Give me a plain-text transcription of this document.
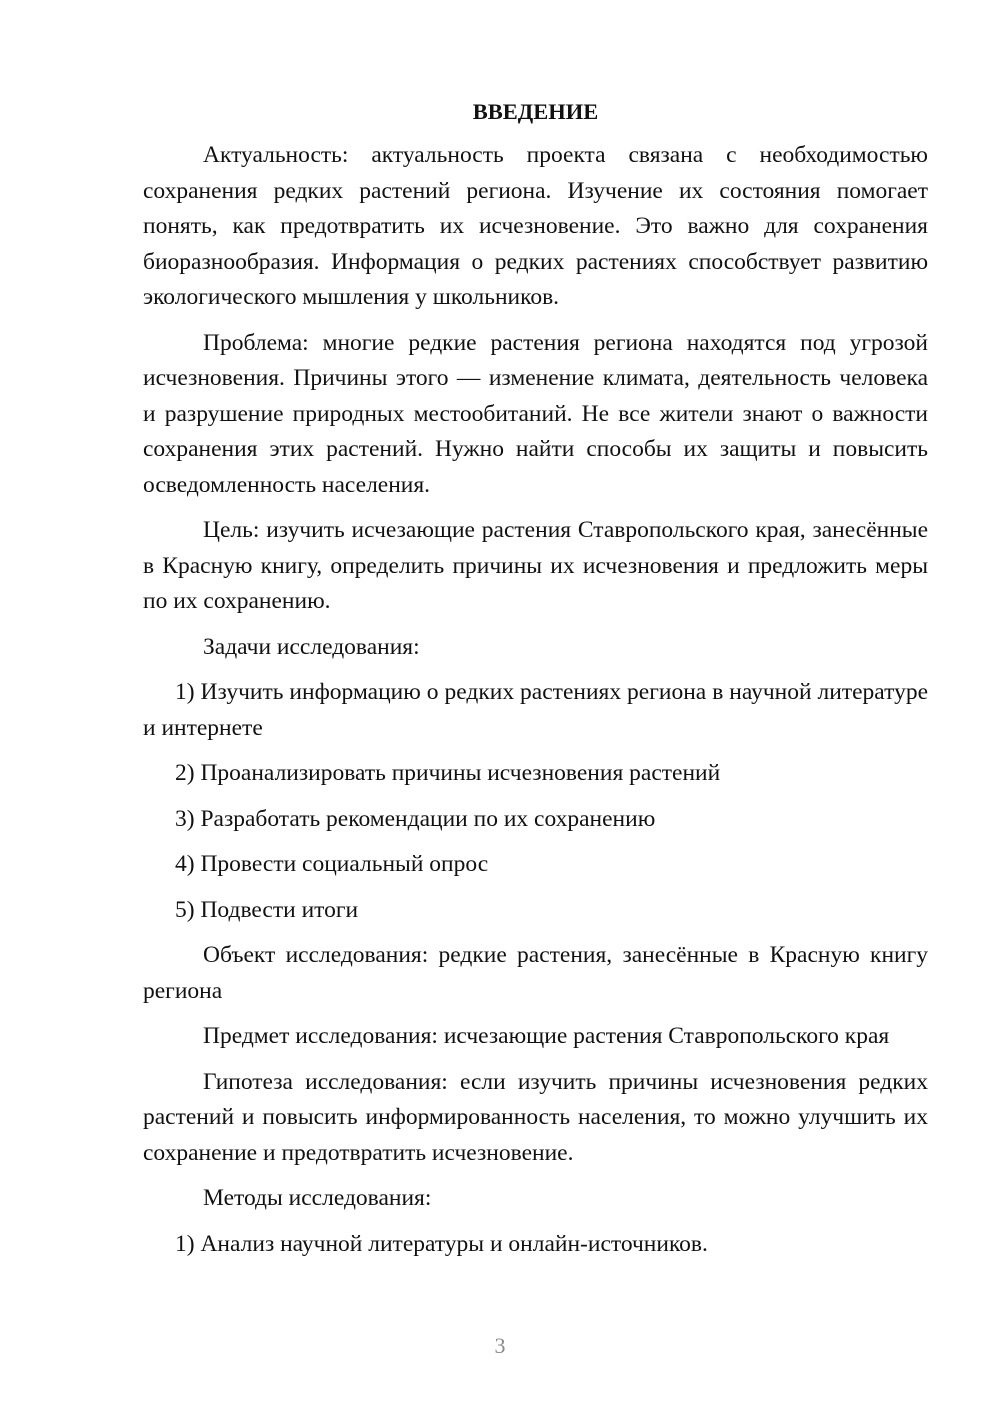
ВВЕДЕНИЕ

Актуальность: актуальность проекта связана с необходимостью сохранения редких растений региона. Изучение их состояния помогает понять, как предотвратить их исчезновение. Это важно для сохранения биоразнообразия. Информация о редких растениях способствует развитию экологического мышления у школьников.

Проблема: многие редкие растения региона находятся под угрозой исчезновения. Причины этого — изменение климата, деятельность человека и разрушение природных местообитаний. Не все жители знают о важности сохранения этих растений. Нужно найти способы их защиты и повысить осведомленность населения.

Цель: изучить исчезающие растения Ставропольского края, занесённые в Красную книгу, определить причины их исчезновения и предложить меры по их сохранению.

Задачи исследования:

1) Изучить информацию о редких растениях региона в научной литературе и интернете
2) Проанализировать причины исчезновения растений
3) Разработать рекомендации по их сохранению
4) Провести социальный опрос
5) Подвести итоги

Объект исследования: редкие растения, занесённые в Красную книгу региона

Предмет исследования: исчезающие растения Ставропольского края

Гипотеза исследования: если изучить причины исчезновения редких растений и повысить информированность населения, то можно улучшить их сохранение и предотвратить исчезновение.

Методы исследования:

1) Анализ научной литературы и онлайн-источников.
3
